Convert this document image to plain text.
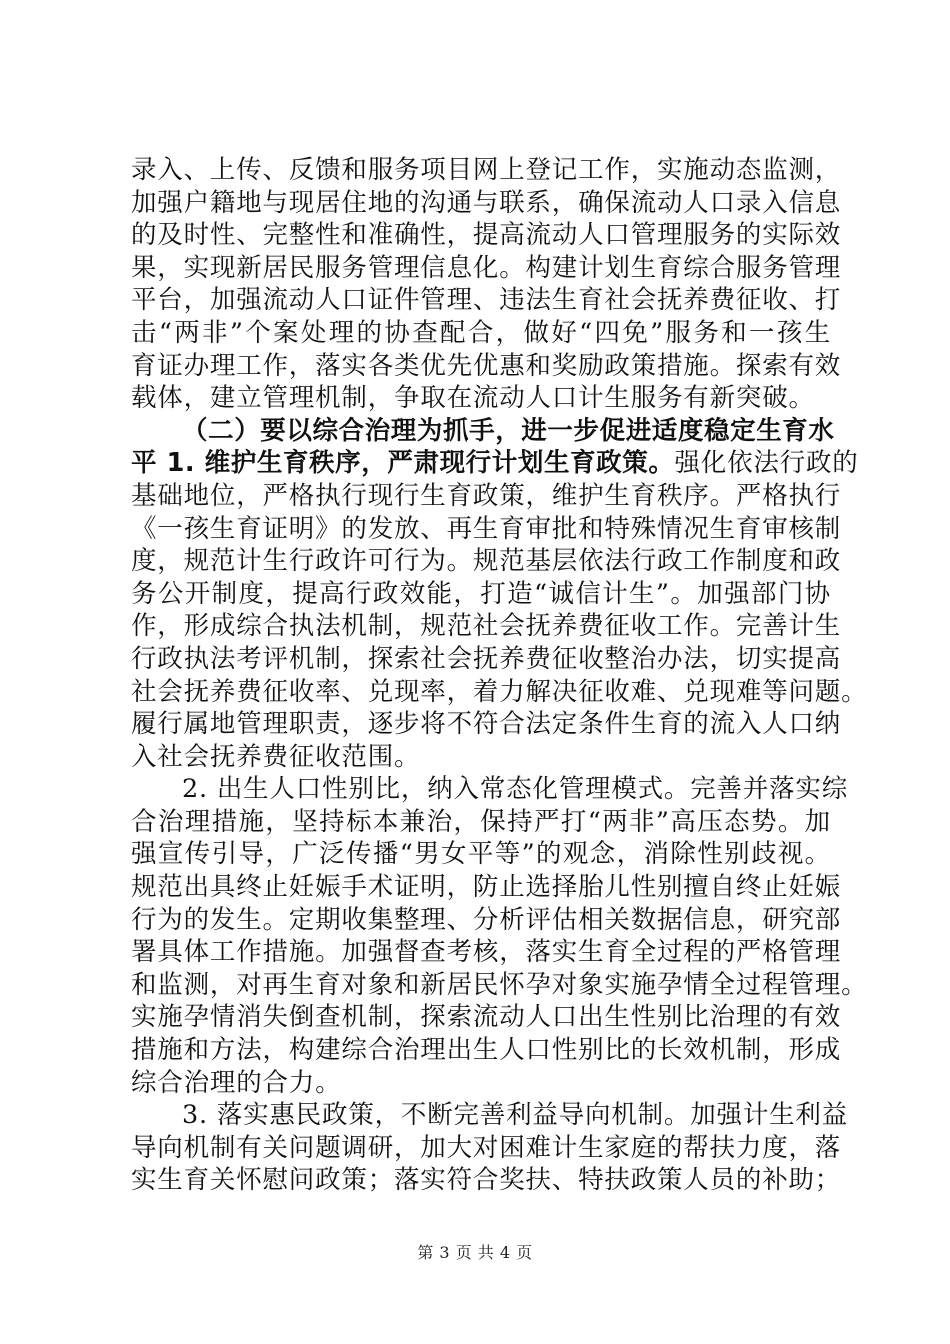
录入、上传、反馈和服务项目网上登记工作，实施动态监测，
加强户籍地与现居住地的沟通与联系，确保流动人口录入信息
的及时性、完整性和准确性，提高流动人口管理服务的实际效
果，实现新居民服务管理信息化。构建计划生育综合服务管理
平台，加强流动人口证件管理、违法生育社会抚养费征收、打
击“两非”个案处理的协查配合，做好“四免”服务和一孩生
育证办理工作，落实各类优先优惠和奖励政策措施。探索有效
载体，建立管理机制，争取在流动人口计生服务有新突破。
（二）要以综合治理为抓手，进一步促进适度稳定生育水
平 1. 维护生育秩序，严肃现行计划生育政策。强化依法行政的
基础地位，严格执行现行生育政策，维护生育秩序。严格执行
《一孩生育证明》的发放、再生育审批和特殊情况生育审核制
度，规范计生行政许可行为。规范基层依法行政工作制度和政
务公开制度，提高行政效能，打造“诚信计生”。加强部门协
作，形成综合执法机制，规范社会抚养费征收工作。完善计生
行政执法考评机制，探索社会抚养费征收整治办法，切实提高
社会抚养费征收率、兑现率，着力解决征收难、兑现难等问题。
履行属地管理职责，逐步将不符合法定条件生育的流入人口纳
入社会抚养费征收范围。
2. 出生人口性别比，纳入常态化管理模式。完善并落实综
合治理措施，坚持标本兼治，保持严打“两非”高压态势。加
强宣传引导，广泛传播“男女平等”的观念，消除性别歧视。
规范出具终止妊娠手术证明，防止选择胎儿性别擅自终止妊娠
行为的发生。定期收集整理、分析评估相关数据信息，研究部
署具体工作措施。加强督查考核，落实生育全过程的严格管理
和监测，对再生育对象和新居民怀孕对象实施孕情全过程管理。
实施孕情消失倒查机制，探索流动人口出生性别比治理的有效
措施和方法，构建综合治理出生人口性别比的长效机制，形成
综合治理的合力。
3. 落实惠民政策，不断完善利益导向机制。加强计生利益
导向机制有关问题调研，加大对困难计生家庭的帮扶力度，落
实生育关怀慰问政策；落实符合奖扶、特扶政策人员的补助；
第 3 页 共 4 页
